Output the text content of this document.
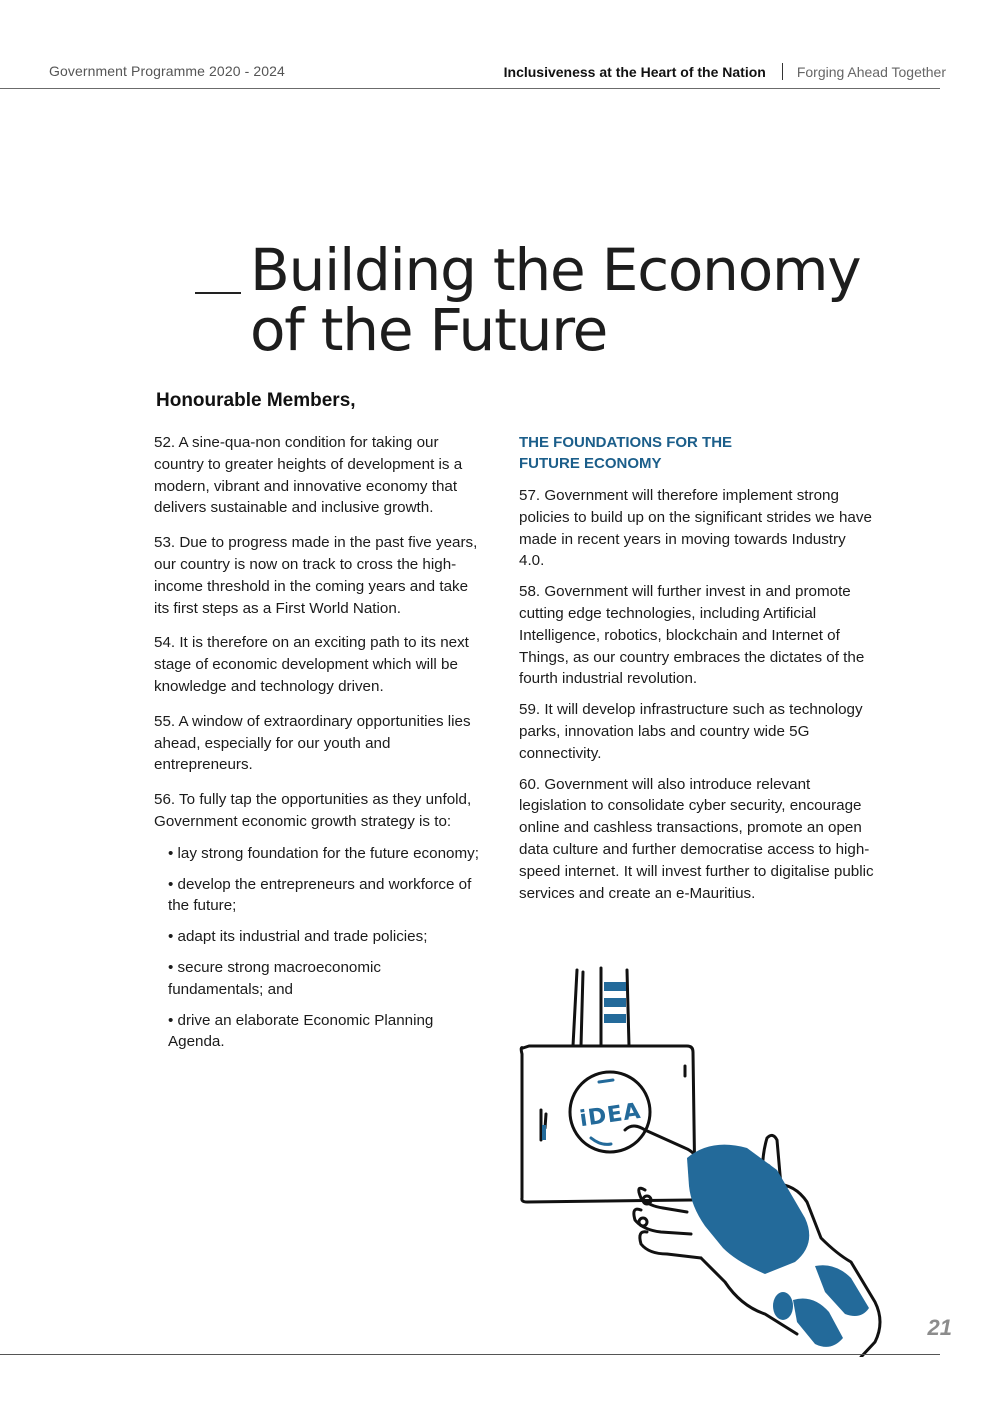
Government Programme 2020 - 2024	Inclusiveness at the Heart of the Nation Forging Ahead Together
Building the Economy
of the Future
Honourable Members,

52. A sine-qua-non condition for taking our country to greater heights of development is a modern, vibrant and innovative economy that delivers sustainable and inclusive growth.

53. Due to progress made in the past five years, our country is now on track to cross the high-income threshold in the coming years and take its first steps as a First World Nation.

54. It is therefore on an exciting path to its next stage of economic development which will be knowledge and technology driven.

55. A window of extraordinary opportunities lies ahead, especially for our youth and entrepreneurs.

56. To fully tap the opportunities as they unfold, Government economic growth strategy is to:

• lay strong foundation for the future economy;

• develop the entrepreneurs and workforce of the future;

• adapt its industrial and trade policies;

• secure strong macroeconomic fundamentals; and

• drive an elaborate Economic Planning Agenda.

THE FOUNDATIONS FOR THE
FUTURE ECONOMY

57. Government will therefore implement strong policies to build up on the significant strides we have made in recent years in moving towards Industry 4.0.

58. Government will further invest in and promote cutting edge technologies, including Artificial Intelligence, robotics, blockchain and Internet of Things, as our country embraces the dictates of the fourth industrial revolution.

59. It will develop infrastructure such as technology parks, innovation labs and country wide 5G connectivity.

60. Government will also introduce relevant legislation to consolidate cyber security, encourage online and cashless transactions, promote an open data culture and further democratise access to high-speed internet. It will invest further to digitalise public services and create an e-Mauritius.

iDEA
21
